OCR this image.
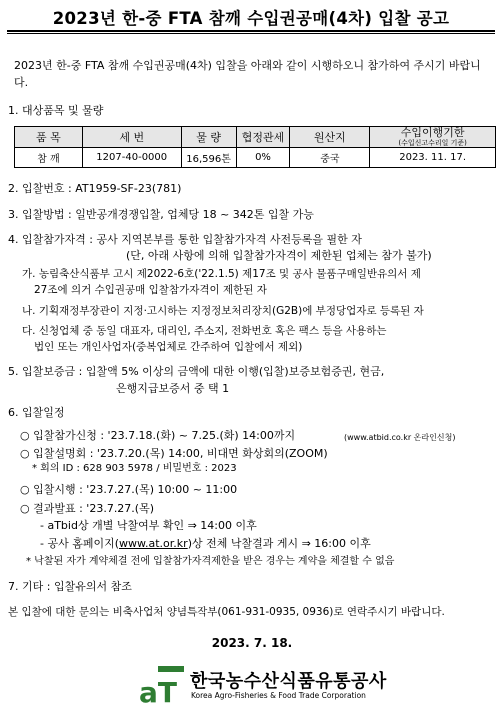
2023년 한-중 FTA 참깨 수입권공매(4차) 입찰 공고
2023년 한-중 FTA 참깨 수입권공매(4차) 입찰을 아래와 같이 시행하오니 참가하여 주시기 바랍니다.
1. 대상품목 및 물량
품 목	세 번	물 량	협정관세	원산지	수입이행기한
(수입신고수리일 기준)

참 깨	1207-40-0000	16,596톤	0%	중국	2023. 11. 17.
2. 입찰번호 : AT1959-SF-23(781)
3. 입찰방법 : 일반공개경쟁입찰, 업체당 18 ~ 342톤 입찰 가능
4. 입찰참가자격 : 공사 지역본부를 통한 입찰참가자격 사전등록을 필한 자
(단, 아래 사항에 의해 입찰참가자격이 제한된 업체는 참가 불가)
가. 농림축산식품부 고시 제2022-6호('22.1.5) 제17조 및 공사 물품구매일반유의서 제
27조에 의거 수입권공매 입찰참가자격이 제한된 자
나. 기획재정부장관이 지정·고시하는 지정정보처리장치(G2B)에 부정당업자로 등록된 자
다. 신청업체 중 동일 대표자, 대리인, 주소지, 전화번호 혹은 팩스 등을 사용하는
법인 또는 개인사업자(중복업체로 간주하여 입찰에서 제외)
5. 입찰보증금 : 입찰액 5% 이상의 금액에 대한 이행(입찰)보증보험증권, 현금,
은행지급보증서 중 택 1
6. 입찰일정
○ 입찰참가신청 : '23.7.18.(화) ~ 7.25.(화) 14:00까지	(www.atbid.co.kr 온라인신청)
○ 입찰설명회 : '23.7.20.(목) 14:00, 비대면 화상회의(ZOOM)
* 회의 ID : 628 903 5978 / 비밀번호 : 2023
○ 입찰시행 : '23.7.27.(목) 10:00 ~ 11:00
○ 결과발표 : '23.7.27.(목)
- aTbid상 개별 낙찰여부 확인 ⇒ 14:00 이후
- 공사 홈페이지(www.at.or.kr)상 전체 낙찰결과 게시 ⇒ 16:00 이후
* 낙찰된 자가 계약체결 전에 입찰참가자격제한을 받은 경우는 계약을 체결할 수 없음
7. 기타 : 입찰유의서 참조
본 입찰에 대한 문의는 비축사업처 양념특작부(061-931-0935, 0936)로 연락주시기 바랍니다.
2023. 7. 18.
aT 한국농수산식품유통공사
Korea Agro-Fisheries & Food Trade Corporation
